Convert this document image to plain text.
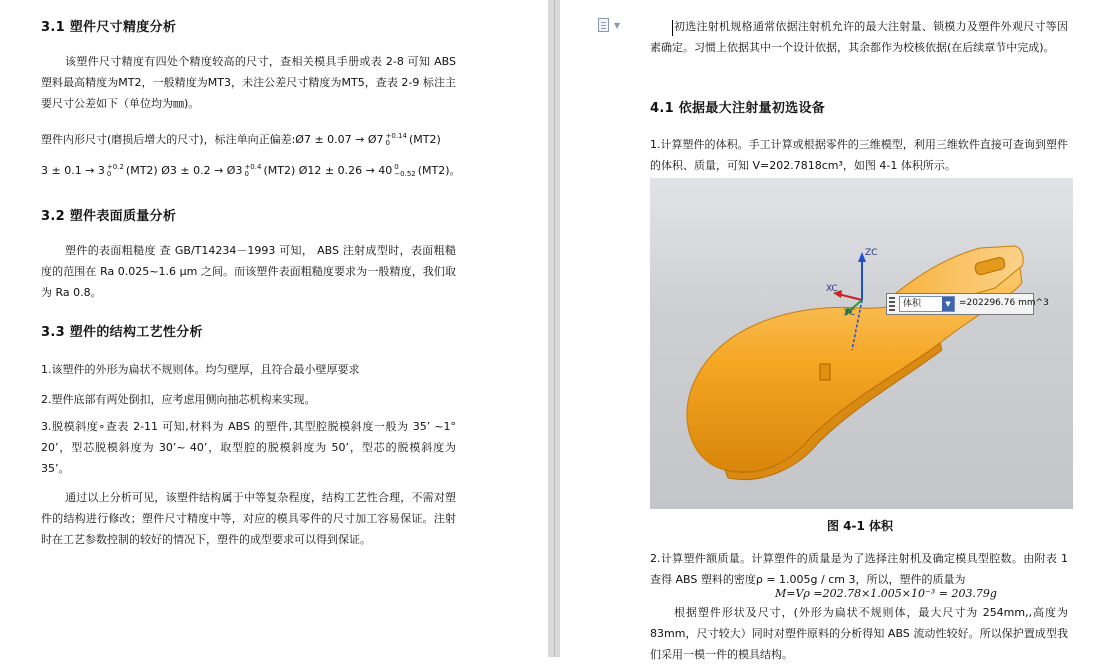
3.1 塑件尺寸精度分析
该塑件尺寸精度有四处个精度较高的尺寸，查相关模具手册或表 2-8 可知 ABS 塑料最高精度为MT2，一般精度为MT3，未注公差尺寸精度为MT5，查表 2-9 标注主要尺寸公差如下（单位均为㎜)。
塑件内形尺寸(磨损后增大的尺寸)，标注单向正偏差:Ø7 ± 0.07 → Ø7 +0.14
0	(MT2)
3 ± 0.1 → 3 +0.2
0	(MT2) Ø3 ± 0.2 → Ø3 +0.4
0	(MT2) Ø12 ± 0.26 → 40 0
−0.52 (MT2)。
3.2 塑件表面质量分析
塑件的表面粗糙度 查 GB/T14234－1993 可知， ABS 注射成型时，表面粗糙度的范围在 Ra 0.025~1.6 μm 之间。而该塑件表面粗糙度要求为一般精度，我们取为 Ra 0.8。
3.3 塑件的结构工艺性分析
1.该塑件的外形为扁状不规则体。均匀壁厚，且符合最小壁厚要求
2.塑件底部有两处倒扣，应考虑用侧向抽芯机构来实现。
3.脱模斜度∘查表 2-11 可知,材料为 ABS 的塑件,其型腔脱模斜度一般为 35’ ~1° 20’，型芯脱模斜度为 30’~ 40’，取型腔的脱模斜度为 50’，型芯的脱模斜度为 35’。
通过以上分析可见，该塑件结构属于中等复杂程度，结构工艺性合理，不需对塑件的结构进行修改；塑件尺寸精度中等，对应的模具零件的尺寸加工容易保证。注射时在工艺参数控制的较好的情况下，塑件的成型要求可以得到保证。
▼	初选注射机规格通常依据注射机允许的最大注射量、锁模力及塑件外观尺寸等因素确定。习惯上依据其中一个设计依据，其余都作为校核依据(在后续章节中完成)。
4.1 依据最大注射量初选设备
1.计算塑件的体积。手工计算或根据零件的三维模型，利用三维软件直接可查询到塑件的体积、质量，可知 V=202.7818cm³，如图 4-1 体积所示。
ZC
XC
YC
体积	▼ =202296.76 mm^3
图 4-1 体积
2.计算塑件额质量。计算塑件的质量是为了选择注射机及确定模具型腔数。由附表 1 查得 ABS 塑料的密度ρ = 1.005g / cm 3，所以，塑件的质量为
M=Vρ =202.78×1.005×10⁻³ = 203.79g
根据塑件形状及尺寸，(外形为扁状不规则体，最大尺寸为 254mm,,高度为 83mm，尺寸较大）同时对塑件原料的分析得知 ABS 流动性较好。所以保护置成型我们采用一模一件的模具结构。
